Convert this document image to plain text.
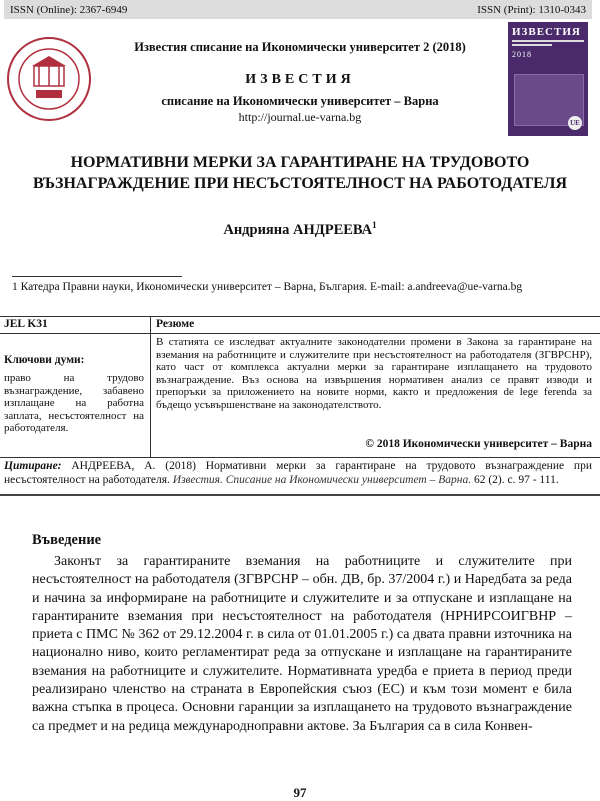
ISSN (Online): 2367-6949	ISSN (Print): 1310-0343
ИЗВЕСТИЯ
2018
UE
Известия списание на Икономически университет 2 (2018)
ИЗВЕСТИЯ
списание на Икономически университет – Варна
http://journal.ue-varna.bg
НОРМАТИВНИ МЕРКИ ЗА ГАРАНТИРАНЕ НА ТРУДОВОТО
ВЪЗНАГРАЖДЕНИЕ ПРИ НЕСЪСТОЯТЕЛНОСТ НА РАБОТОДАТЕЛЯ
Андрияна АНДРЕЕВА$^1$
1 Катедра Правни науки, Икономически университет – Варна, България. E-mail: a.andreeva@ue-varna.bg
JEL K31
Ключови думи:
право на трудово възнаграждение, забавено изплащане на работна заплата, несъстоятелност на работодателя.
Резюме
В статията се изследват актуалните законодателни промени в Закона за гарантиране на вземания на работниците и служителите при несъстоятелност на работодателя (ЗГВРСНР), като част от комплекса актуални мерки за гарантиране изплащането на трудовото възнаграждение. Въз основа на извършения нормативен анализ се правят изводи и препоръки за приложението на новите норми, както и предложения de lege ferenda за бъдещо усъвършенстване на законодателството.
© 2018 Икономически университет – Варна
Цитиране: АНДРЕЕВА, А. (2018) Нормативни мерки за гарантиране на трудовото възнаграждение при несъстоятелност на работодателя. Известия. Списание на Икономически университет – Варна. 62 (2). с. 97 - 111.
Въведение
Законът за гарантираните вземания на работниците и служителите при несъстоятелност на работодателя (ЗГВРСНР – обн. ДВ, бр. 37/2004 г.) и Наредбата за реда и начина за информиране на работниците и служителите и за отпускане и изплащане на гарантираните вземания при несъстоятелност на работодателя (НРНИРСОИГВНР – приета с ПМС № 362 от 29.12.2004 г. в сила от 01.01.2005 г.) са двата правни източника на национално ниво, които регламентират реда за отпускане и изплащане на гарантираните вземания на работниците и служителите. Нормативната уредба е приета в период преди реализирано членство на страната в Европейския съюз (ЕС) и към този момент е била важна стъпка в процеса. Основни гаранции за изплащането на трудовото възнаграждение са предмет и на редица международноправни актове. За България са в сила Конвен-
97
